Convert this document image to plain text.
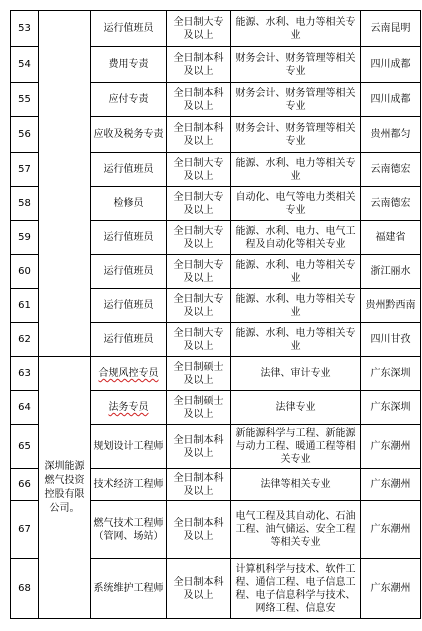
53		运行值班员	全日制大专及以上	能源、水利、电力等相关专业	云南昆明
54		费用专责	全日制本科及以上	财务会计、财务管理等相关专业	四川成都
55		应付专责	全日制本科及以上	财务会计、财务管理等相关专业	四川成都
56		应收及税务专责	全日制本科及以上	财务会计、财务管理等相关专业	贵州都匀
57		运行值班员	全日制大专及以上	能源、水利、电力等相关专业	云南德宏
58		检修员	全日制大专及以上	自动化、电气等电力类相关专业	云南德宏
59		运行值班员	全日制大专及以上	能源、水利、电力、电气工程及自动化等相关专业	福建省
60		运行值班员	全日制大专及以上	能源、水利、电力等相关专业	浙江丽水
61		运行值班员	全日制大专及以上	能源、水利、电力等相关专业	贵州黔西南
62		运行值班员	全日制大专及以上	能源、水利、电力等相关专业	四川甘孜
63	深圳能源燃气投资控股有限公司。	合规风控专员	全日制硕士及以上	法律、审计专业	广东深圳
64		法务专员	全日制硕士及以上	法律专业	广东深圳
65		规划设计工程师	全日制本科及以上	新能源科学与工程、新能源与动力工程、暖通工程等相关专业	广东潮州
66		技术经济工程师	全日制本科及以上	法律等相关专业	广东潮州
67		燃气技术工程师（管网、场站）	全日制本科及以上	电气工程及其自动化、石油工程、油气储运、安全工程等相关专业	广东潮州
68		系统维护工程师	全日制本科及以上	计算机科学与技术、软件工程、通信工程、电子信息工程、电子信息科学与技术、网络工程、信息安	广东潮州
